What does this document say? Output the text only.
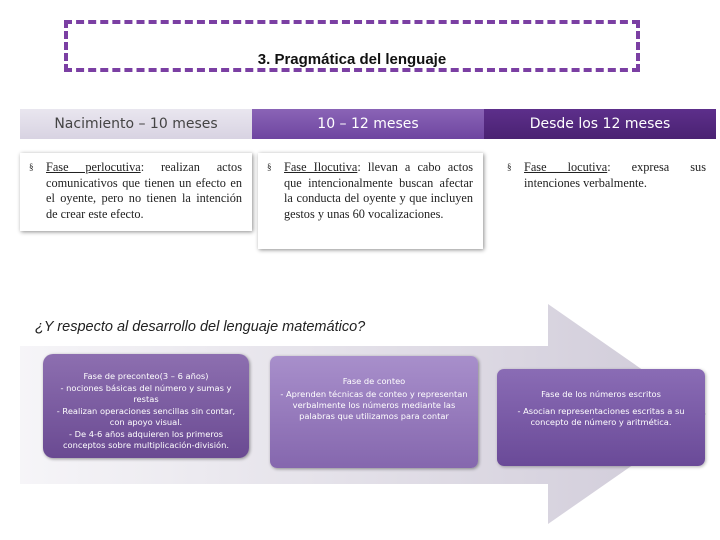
3. Pragmática del lenguaje
Nacimiento – 10 meses	10 – 12 meses	Desde los 12 meses
§ Fase perlocutiva: realizan actos comunicativos que tienen un efecto en el oyente, pero no tienen la intención de crear este efecto.
§ Fase Ilocutiva: llevan a cabo actos que intencionalmente buscan afectar la conducta del oyente y que incluyen gestos y unas 60 vocalizaciones.
§ Fase locutiva: expresa sus intenciones verbalmente.
¿Y respecto al desarrollo del lenguaje matemático?
Fase de preconteo(3 – 6 años)
- nociones básicas del número y sumas y restas
- Realizan operaciones sencillas sin contar, con apoyo visual.
- De 4-6 años adquieren los primeros conceptos sobre multiplicación-división.
Fase de conteo
- Aprenden técnicas de conteo y representan verbalmente los números mediante las palabras que utilizamos para contar
Fase de los números escritos
- Asocian representaciones escritas a su concepto de número y aritmética.
